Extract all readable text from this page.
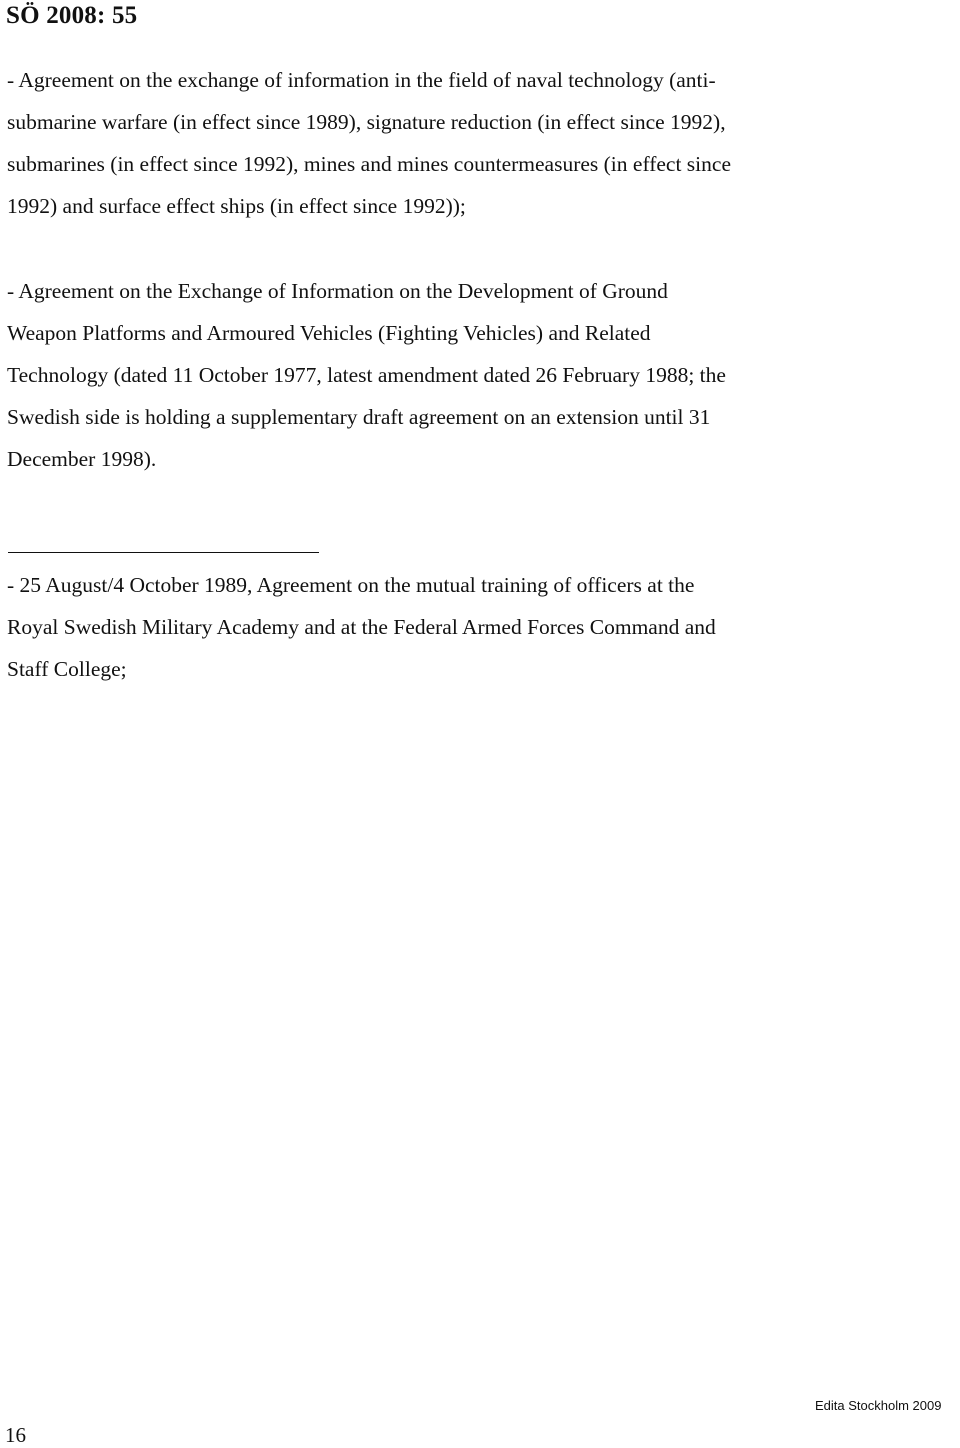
SÖ 2008: 55
- Agreement on the exchange of information in the field of naval technology (anti-
submarine warfare (in effect since 1989), signature reduction (in effect since 1992),
submarines (in effect since 1992), mines and mines countermeasures (in effect since
1992) and surface effect ships (in effect since 1992));
- Agreement on the Exchange of Information on the Development of Ground
Weapon Platforms and Armoured Vehicles (Fighting Vehicles) and Related
Technology (dated 11 October 1977, latest amendment dated 26 February 1988; the
Swedish side is holding a supplementary draft agreement on an extension until 31
December 1998).
- 25 August/4 October 1989, Agreement on the mutual training of officers at the
Royal Swedish Military Academy and at the Federal Armed Forces Command and
Staff College;
Edita Stockholm 2009
16
